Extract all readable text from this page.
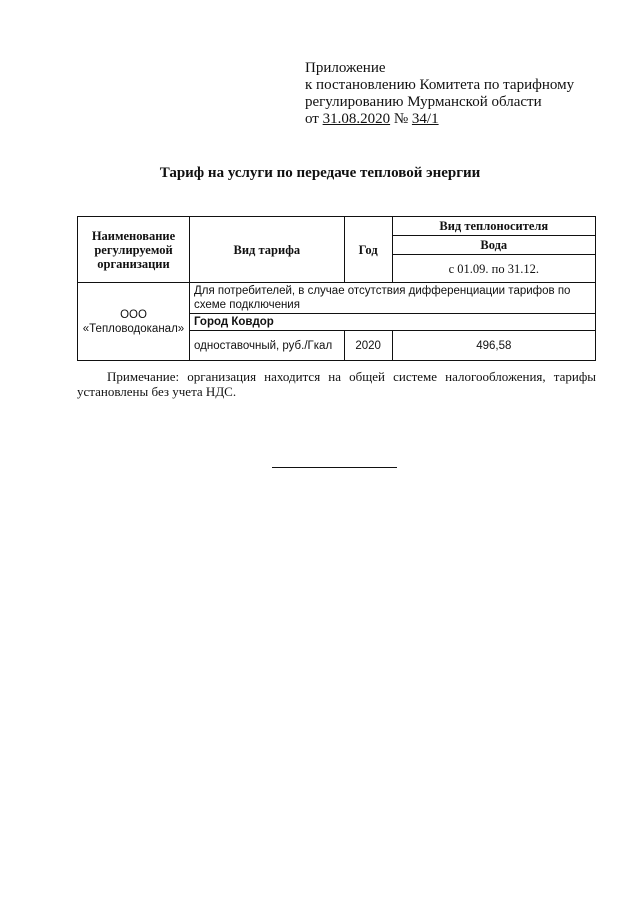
Приложение
к постановлению Комитета по тарифному
регулированию Мурманской области
от 31.08.2020 № 34/1
Тариф на услуги по передаче тепловой энергии
Наименование регулируемой организации	Вид тарифа	Год	Вид теплоносителя
			Вода
			с 01.09. по 31.12.

ООО
«Тепловодоканал»	Для потребителей, в случае отсутствия дифференциации тарифов по схеме подключения		
	Город Ковдор		
	одноставочный, руб./Гкал	2020	496,58
Примечание: организация находится на общей системе налогообложения, тарифы
установлены без учета НДС.
